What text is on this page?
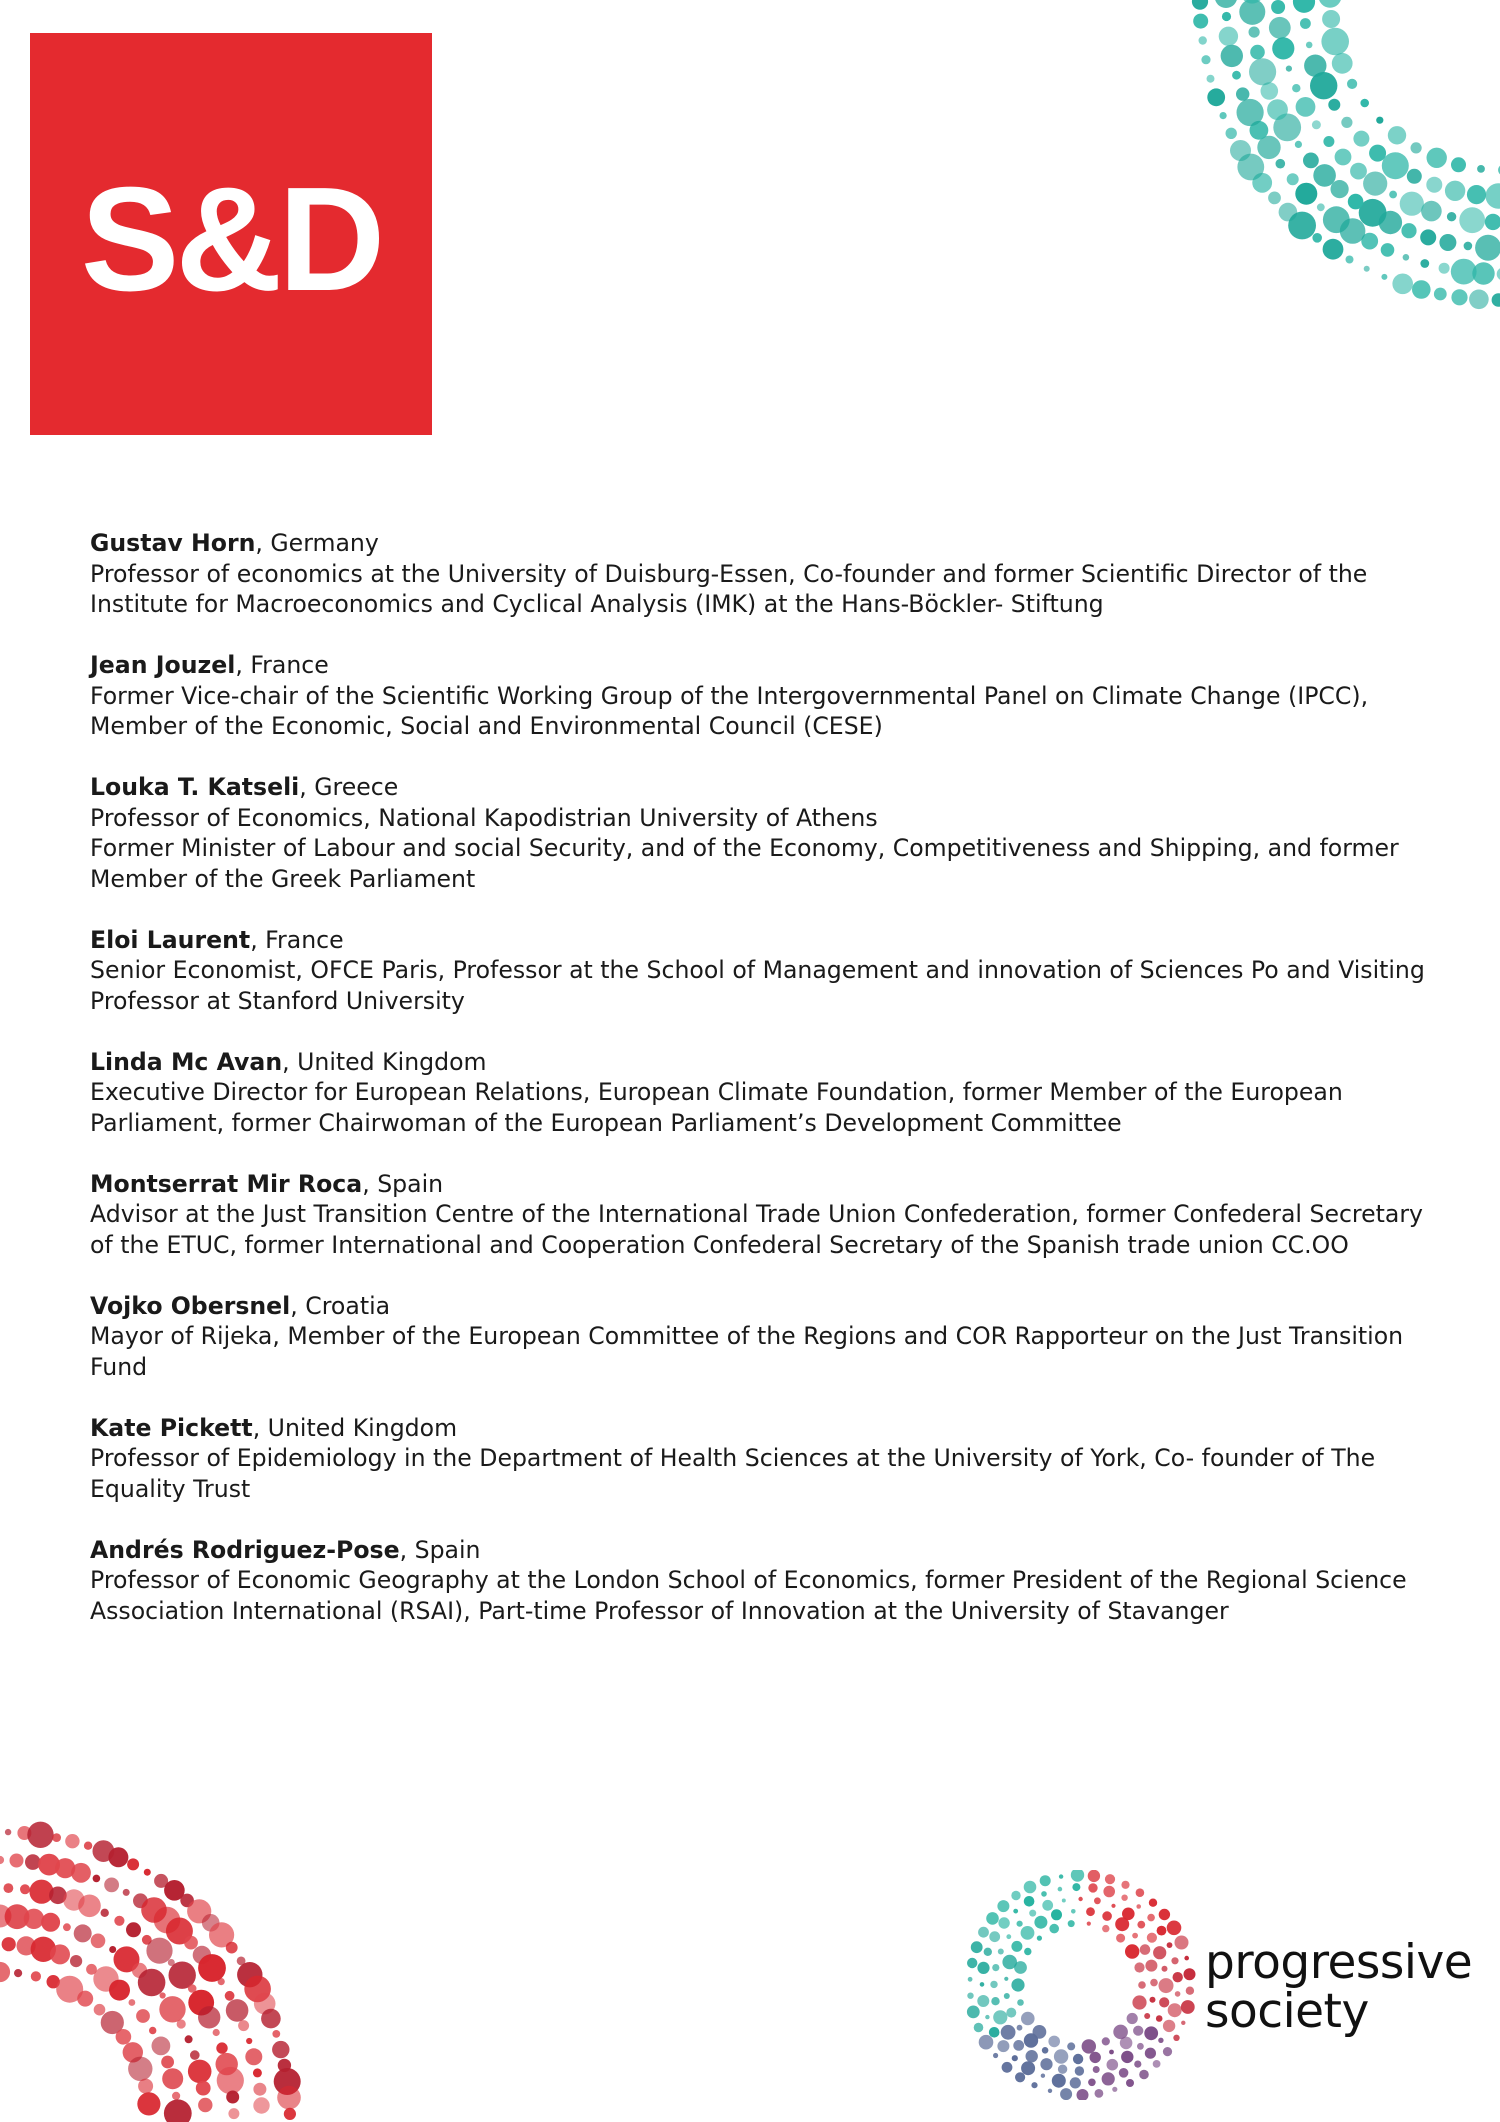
S&D
Gustav Horn, Germany
Professor of economics at the University of Duisburg-Essen, Co-founder and former Scientific Director of the
Institute for Macroeconomics and Cyclical Analysis (IMK) at the Hans-Böckler- Stiftung
Jean Jouzel, France
Former Vice-chair of the Scientific Working Group of the Intergovernmental Panel on Climate Change (IPCC),
Member of the Economic, Social and Environmental Council (CESE)
Louka T. Katseli, Greece
Professor of Economics, National Kapodistrian University of Athens
Former Minister of Labour and social Security, and of the Economy, Competitiveness and Shipping, and former
Member of the Greek Parliament
Eloi Laurent, France
Senior Economist, OFCE Paris, Professor at the School of Management and innovation of Sciences Po and Visiting
Professor at Stanford University
Linda Mc Avan, United Kingdom
Executive Director for European Relations, European Climate Foundation, former Member of the European
Parliament, former Chairwoman of the European Parliament’s Development Committee
Montserrat Mir Roca, Spain
Advisor at the Just Transition Centre of the International Trade Union Confederation, former Confederal Secretary
of the ETUC, former International and Cooperation Confederal Secretary of the Spanish trade union CC.OO
Vojko Obersnel, Croatia
Mayor of Rijeka, Member of the European Committee of the Regions and COR Rapporteur on the Just Transition
Fund
Kate Pickett, United Kingdom
Professor of Epidemiology in the Department of Health Sciences at the University of York, Co- founder of The
Equality Trust
Andrés Rodriguez-Pose, Spain
Professor of Economic Geography at the London School of Economics, former President of the Regional Science
Association International (RSAI), Part-time Professor of Innovation at the University of Stavanger
progressive
society
